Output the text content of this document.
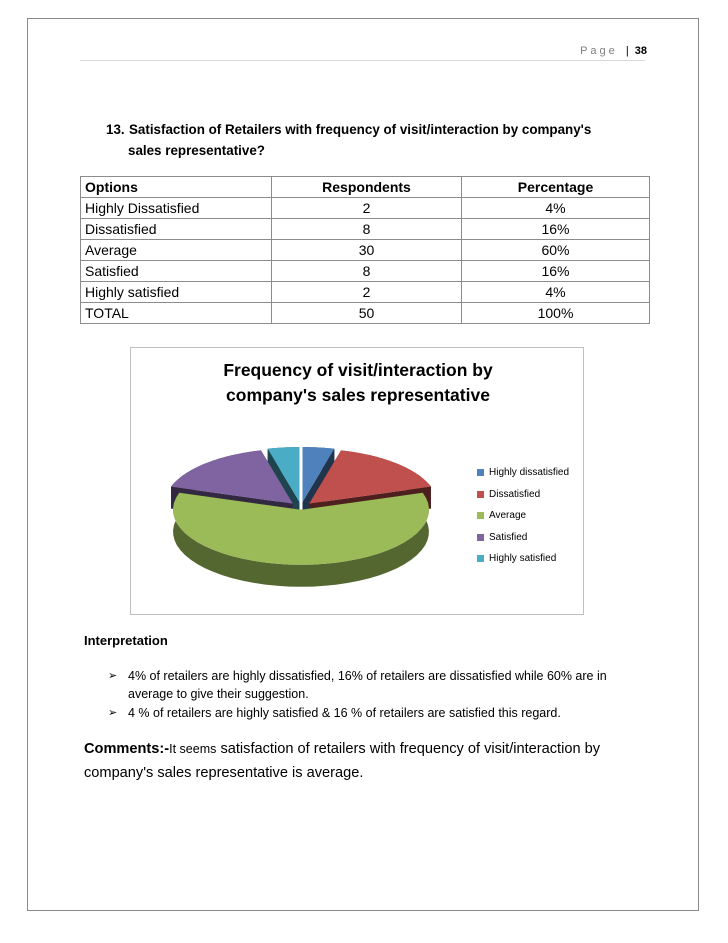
Page | 38
13. Satisfaction of Retailers with frequency of visit/interaction by company's
sales representative?
Options	Respondents	Percentage
Highly Dissatisfied	2	4%
Dissatisfied	8	16%
Average	30	60%
Satisfied	8	16%
Highly satisfied	2	4%
TOTAL	50	100%
Frequency of visit/interaction by
company's sales representative
Highly dissatisfied
Dissatisfied
Average
Satisfied
Highly satisfied
Interpretation
➢ 4% of retailers are highly dissatisfied, 16% of retailers are dissatisfied while 60% are in average to give their suggestion.
➢ 4 % of retailers are highly satisfied & 16 % of retailers are satisfied this regard.
Comments:-It seems satisfaction of retailers with frequency of visit/interaction by company's sales representative is average.
